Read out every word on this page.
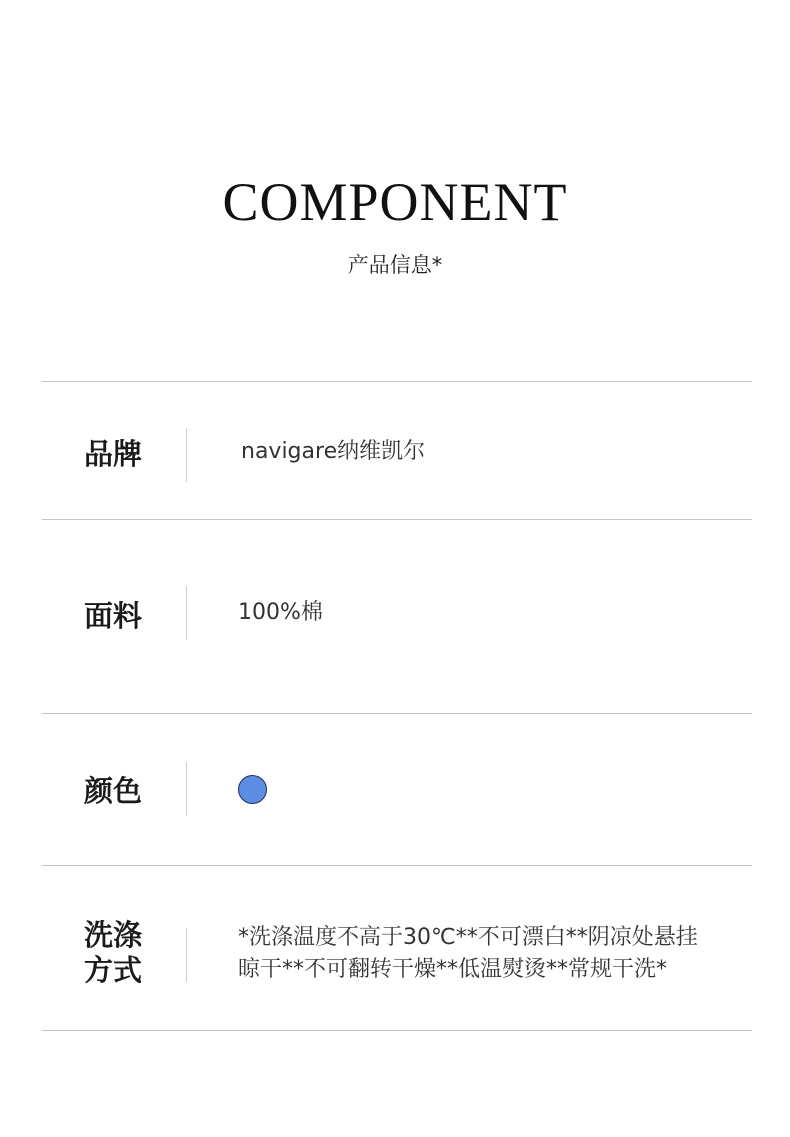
COMPONENT
产品信息*
品牌	navigare纳维凯尔
面料	100%棉
颜色
洗涤
方式
*洗涤温度不高于30℃**不可漂白**阴凉处悬挂
晾干**不可翻转干燥**低温熨烫**常规干洗*
